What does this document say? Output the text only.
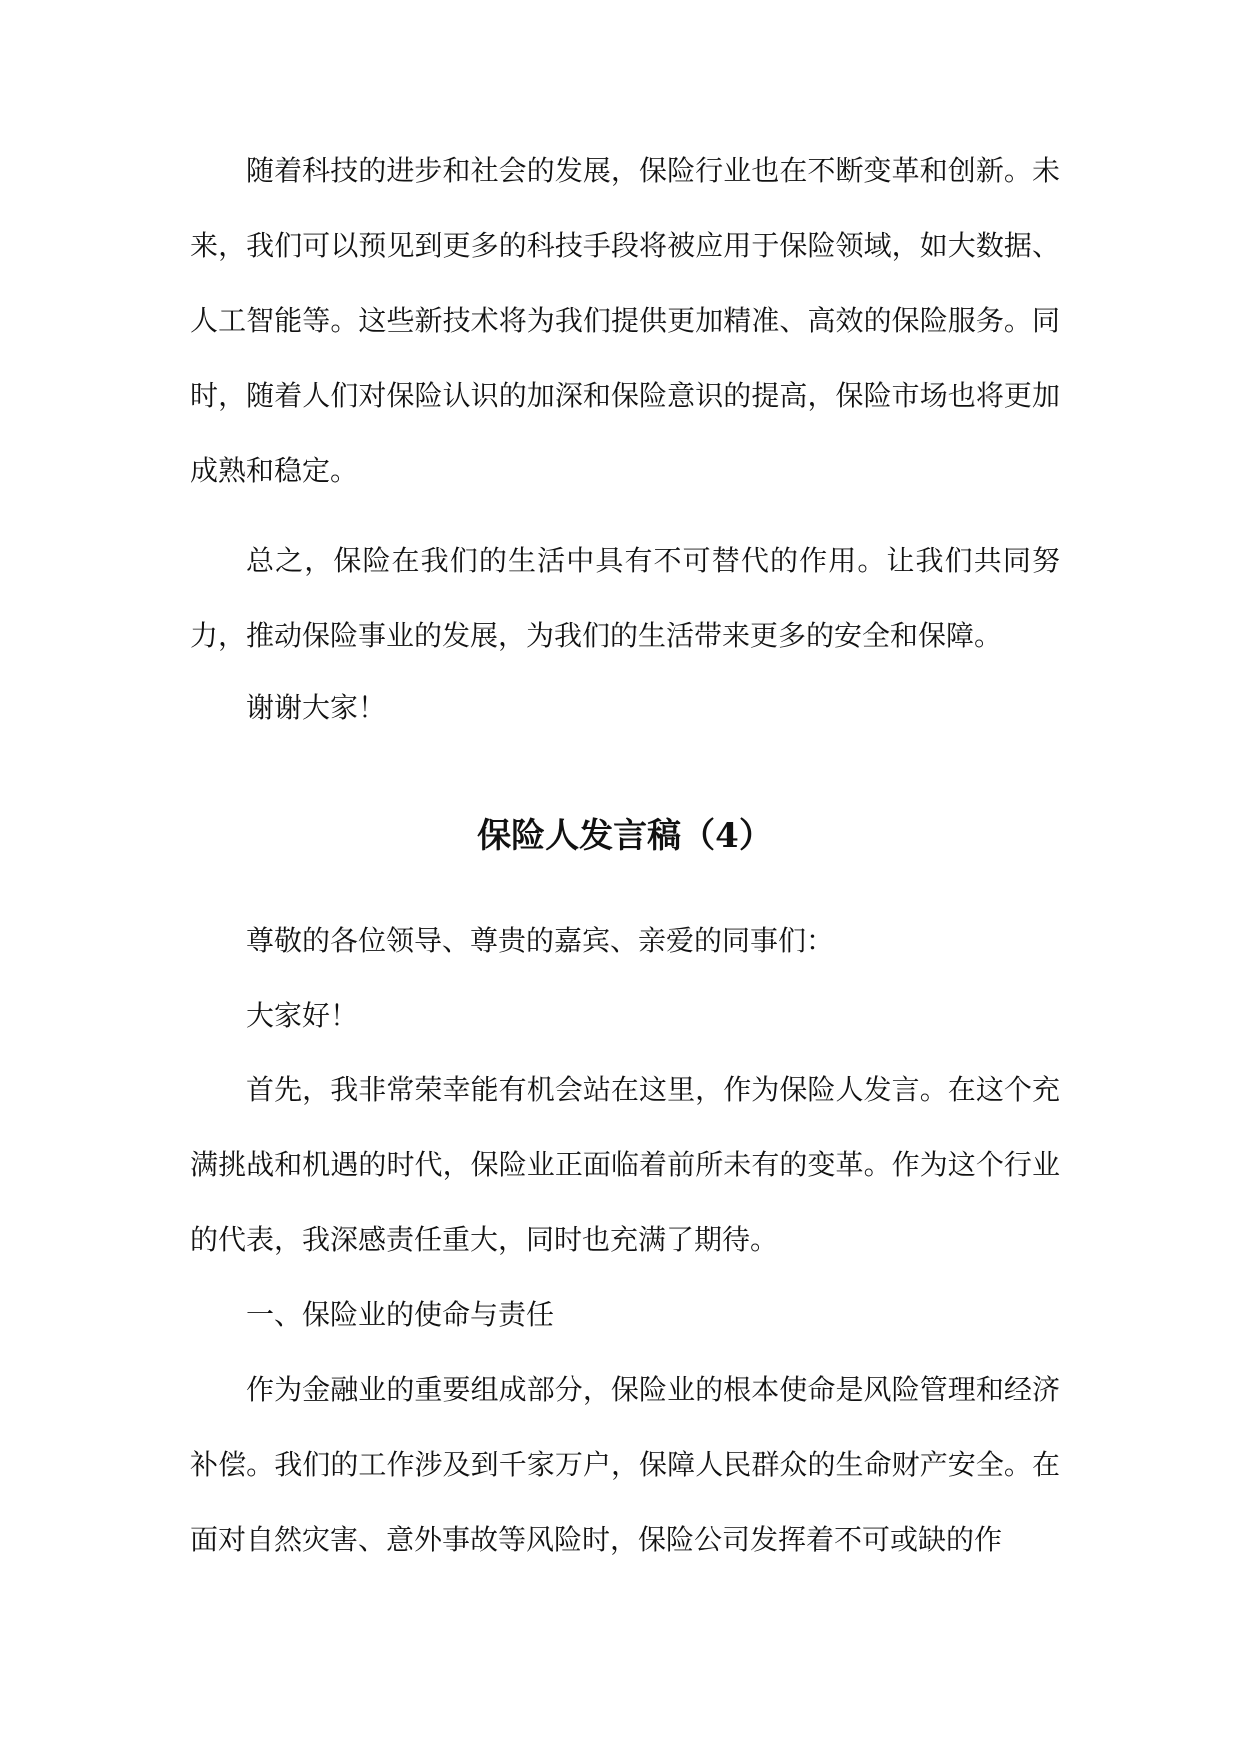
随着科技的进步和社会的发展，保险行业也在不断变革和创新。未来，我们可以预见到更多的科技手段将被应用于保险领域，如大数据、人工智能等。这些新技术将为我们提供更加精准、高效的保险服务。同时，随着人们对保险认识的加深和保险意识的提高，保险市场也将更加成熟和稳定。

总之，保险在我们的生活中具有不可替代的作用。让我们共同努力，推动保险事业的发展，为我们的生活带来更多的安全和保障。

谢谢大家！

保险人发言稿（4）

尊敬的各位领导、尊贵的嘉宾、亲爱的同事们：

大家好！

首先，我非常荣幸能有机会站在这里，作为保险人发言。在这个充满挑战和机遇的时代，保险业正面临着前所未有的变革。作为这个行业的代表，我深感责任重大，同时也充满了期待。

一、保险业的使命与责任

作为金融业的重要组成部分，保险业的根本使命是风险管理和经济补偿。我们的工作涉及到千家万户，保障人民群众的生命财产安全。在面对自然灾害、意外事故等风险时，保险公司发挥着不可或缺的作
